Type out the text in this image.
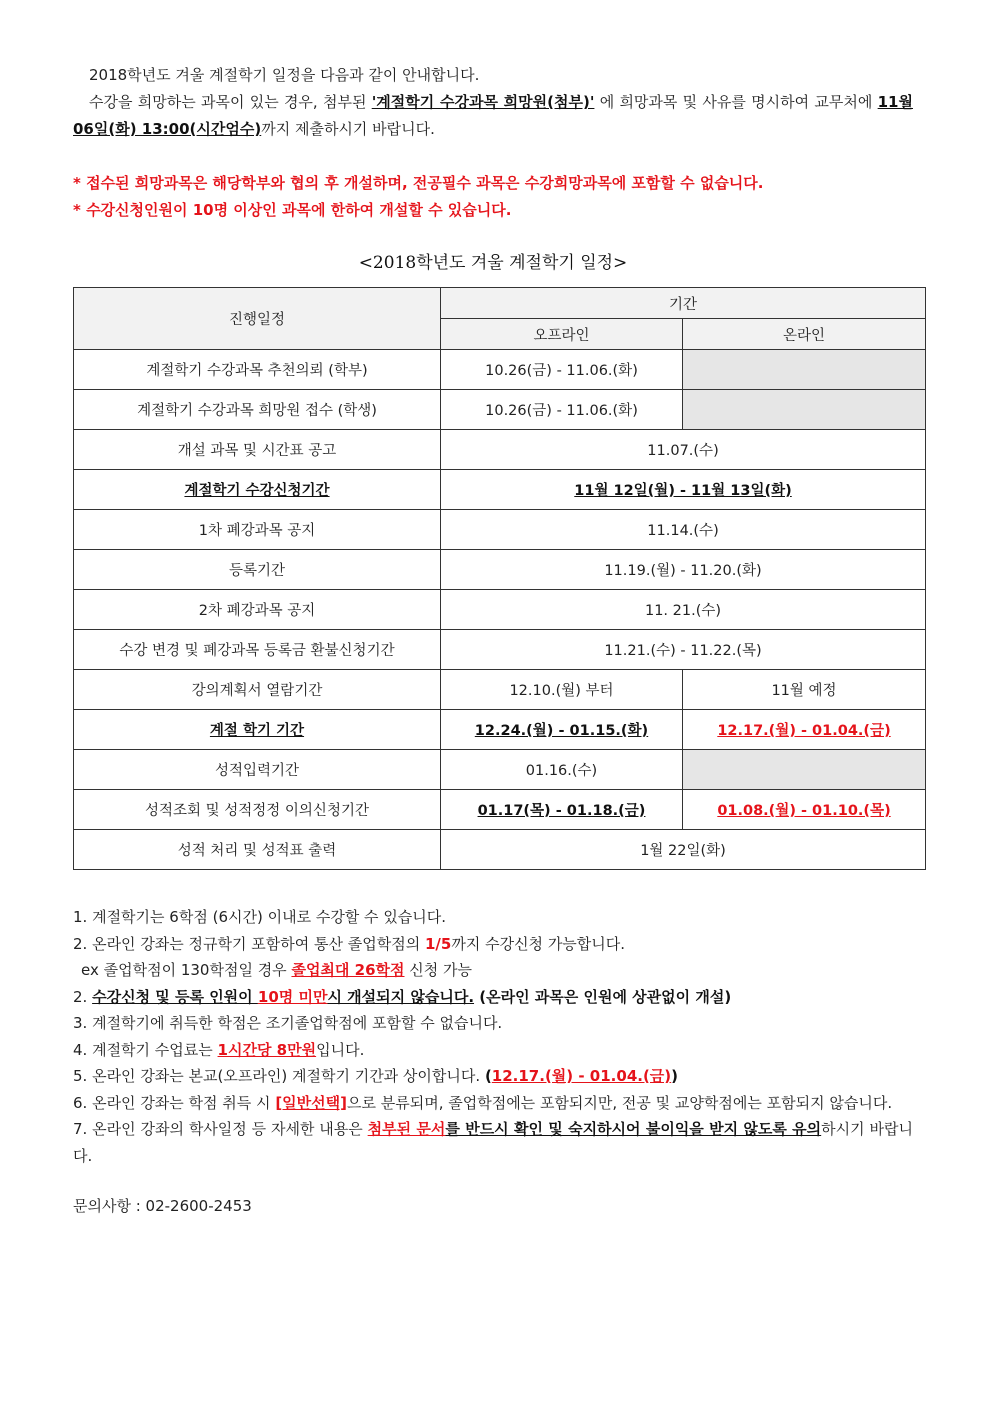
2018학년도 겨울 계절학기 일정을 다음과 같이 안내합니다.

수강을 희망하는 과목이 있는 경우, 첨부된 '계절학기 수강과목 희망원(첨부)' 에 희망과목 및 사유를 명시하여 교무처에 11월 06일(화) 13:00(시간엄수)까지 제출하시기 바랍니다.

* 접수된 희망과목은 해당학부와 협의 후 개설하며, 전공필수 과목은 수강희망과목에 포함할 수 없습니다.

* 수강신청인원이 10명 이상인 과목에 한하여 개설할 수 있습니다.

<2018학년도 겨울 계절학기 일정>
진행일정	기간	
	오프라인	온라인
계절학기 수강과목 추천의뢰 (학부)	10.26(금) - 11.06.(화)	
계절학기 수강과목 희망원 접수 (학생)	10.26(금) - 11.06.(화)	
개설 과목 및 시간표 공고	11.07.(수)	
계절학기 수강신청기간	11월 12일(월) - 11월 13일(화)	
1차 폐강과목 공지	11.14.(수)	
등록기간	11.19.(월) - 11.20.(화)	
2차 폐강과목 공지	11. 21.(수)	
수강 변경 및 폐강과목 등록금 환불신청기간	11.21.(수) - 11.22.(목)	
강의계획서 열람기간	12.10.(월) 부터	11월 예정
계절 학기 기간	12.24.(월) - 01.15.(화)	12.17.(월) - 01.04.(금)
성적입력기간	01.16.(수)	
성적조회 및 성적정정 이의신청기간	01.17(목) - 01.18.(금)	01.08.(월) - 01.10.(목)
성적 처리 및 성적표 출력	1월 22일(화)	

1. 계절학기는 6학점 (6시간) 이내로 수강할 수 있습니다.

2. 온라인 강좌는 정규학기 포함하여 통산 졸업학점의 1/5까지 수강신청 가능합니다.

ex 졸업학점이 130학점일 경우 졸업최대 26학점 신청 가능

2. 수강신청 및 등록 인원이 10명 미만시 개설되지 않습니다. (온라인 과목은 인원에 상관없이 개설)

3. 계절학기에 취득한 학점은 조기졸업학점에 포함할 수 없습니다.

4. 계절학기 수업료는 1시간당 8만원입니다.

5. 온라인 강좌는 본교(오프라인) 계절학기 기간과 상이합니다. (12.17.(월) - 01.04.(금))

6. 온라인 강좌는 학점 취득 시 [일반선택]으로 분류되며, 졸업학점에는 포함되지만, 전공 및 교양학점에는 포함되지 않습니다.

7. 온라인 강좌의 학사일정 등 자세한 내용은 첨부된 문서를 반드시 확인 및 숙지하시어 불이익을 받지 않도록 유의하시기 바랍니다.

문의사항 : 02-2600-2453
